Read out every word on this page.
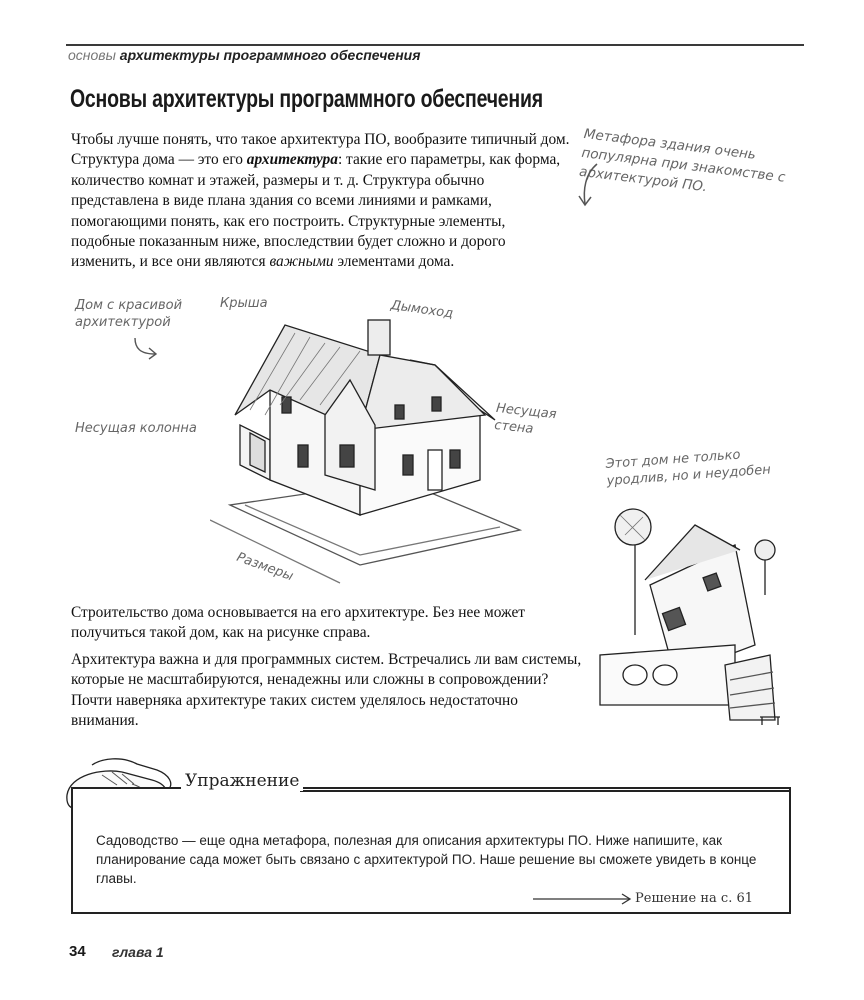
основы архитектуры программного обеспечения
Основы архитектуры программного обеспечения
Чтобы лучше понять, что такое архитектура ПО, вообразите типичный дом. Структура дома — это его архитектура: такие его параметры, как форма, количество комнат и этажей, размеры и т. д. Структура обычно представлена в виде плана здания со всеми линиями и рамками, помогающими понять, как его построить. Структурные элементы, подобные показанным ниже, впоследствии будет сложно и дорого изменить, и все они являются важными элементами дома.
Метафора здания очень популярна при знакомстве с архитектурой ПО.
Дом с красивой архитектурой
Крыша	Дымоход
Несущая колонна
Несущая стена
Размеры
Этот дом не только уродлив, но и неудобен
Строительство дома основывается на его архитектуре. Без нее может получиться такой дом, как на рисунке справа.
Архитектура важна и для программных систем. Встречались ли вам системы, которые не масштабируются, ненадежны или сложны в сопровождении? Почти наверняка архитектуре таких систем уделялось недостаточно внимания.
Упражнение
Садоводство — еще одна метафора, полезная для описания архитектуры ПО. Ниже напишите, как планирование сада может быть связано с архитектурой ПО. Наше решение вы сможете увидеть в конце главы.
Решение на с. 61
34 глава 1
